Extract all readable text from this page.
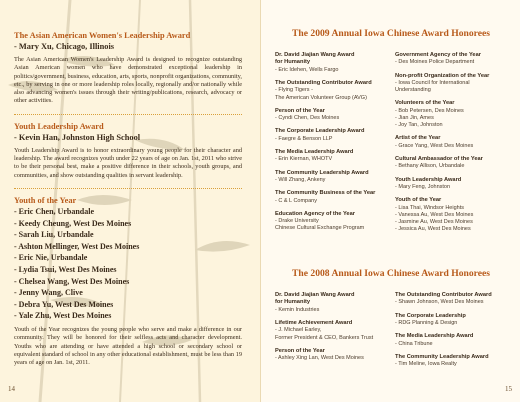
The Asian American Women's Leadership Award

- Mary Xu, Chicago, Illinois

The Asian American Women's Leadership Award is designed to recognize outstanding Asian American women who have demonstrated exceptional leadership in politics/government, business, education, arts, sports, nonprofit organizations, community, etc., by serving in one or more leadership roles locally, regionally and/or nationally while also advancing women's issues through their writing/publications, research, advocacy or other activities.

Youth Leadership Award

- Kevin Han, Johnston High School

Youth Leadership Award is to honor extraordinary young people for their character and leadership. The award recognizes youth under 22 years of age on Jan. 1st, 2011 who strive to be their personal best, make a positive difference in their schools, youth groups, and communities, and show outstanding qualities in servant leadership.

Youth of the Year

- Eric Chen, Urbandale
- Keedy Cheung, West Des Moines
- Sarah Liu, Urbandale
- Ashton Mellinger, West Des Moines
- Eric Nie, Urbandale
- Lydia Tsui, West Des Moines
- Chelsea Wang, West Des Moines
- Jenny Wang, Clive
- Debra Yu, West Des Moines
- Yale Zhu, West Des Moines

Youth of the Year recognizes the young people who serve and make a difference in our community. They will be honored for their selfless acts and character development. Youths who are attending or have attended a high school or secondary school or equivalent standard of school in any other educational establishment, must be less than 19 years of age on Jan. 1st, 2011.

14

The 2009 Annual Iowa Chinese Award Honorees

Dr. David Jiajian Wang Award
for Humanity
- Eric Idehen, Wells Fargo
The Outstanding Contributor Award
- Flying Tigers -
The American Volunteer Group (AVG)
Person of the Year
- Cyndi Chen, Des Moines
The Corporate Leadership Award
- Faegre & Benson LLP
The Media Leadership Award
- Erin Kiernan, WHOTV
The Community Leadership Award
- Will Zhang, Ankeny
The Community Business of the Year
- C & L Company
Education Agency of the Year
- Drake University
Chinese Cultural Exchange Program
Government Agency of the Year
- Des Moines Police Department
Non-profit Organization of the Year
- Iowa Council for International
Understanding
Volunteers of the Year
- Bob Petersen, Des Moines
- Jian Jin, Ames
- Joy Tan, Johnston
Artist of the Year
- Grace Yang, West Des Moines
Cultural Ambassador of the Year
- Bethany Allison, Urbandale
Youth Leadership Award
- Mary Feng, Johnston
Youth of the Year
- Lisa Thai, Windsor Heights
- Vanessa Au, West Des Moines
- Jasmine Au, West Des Moines
- Jessica Au, West Des Moines

The 2008 Annual Iowa Chinese Award Honorees

Dr. David Jiajian Wang Award
for Humanity
- Kemin Industries
Lifetime Achievement Award
- J. Michael Earley,
Former President & CEO, Bankers Trust
Person of the Year
- Ashley Xing Lan, West Des Moines
The Outstanding Contributor Award
- Shawn Johnson, West Des Moines
The Corporate Leadership
- RDG Planning & Design
The Media Leadership Award
- China Tribune
The Community Leadership Award
- Tim Meline, Iowa Realty
15
